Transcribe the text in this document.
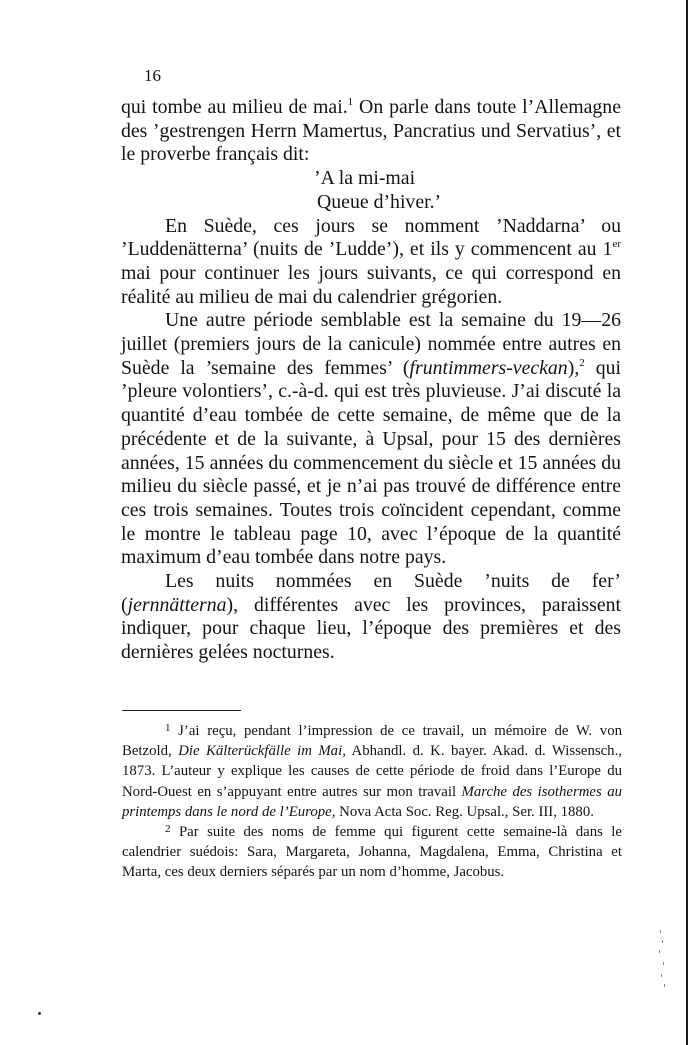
16

qui tombe au milieu de mai.$^1$ On parle dans toute l’Allemagne des ’gestrengen Herrn Mamertus, Pancratius und Servatius’, et le proverbe français dit:

’A la mi-mai
Queue d’hiver.’

En Suède, ces jours se nomment ’Naddarna’ ou ’Luddenätterna’ (nuits de ’Ludde’), et ils y commencent au 1er mai pour continuer les jours suivants, ce qui correspond en réalité au milieu de mai du calendrier grégorien.

Une autre période semblable est la semaine du 19—26 juillet (premiers jours de la canicule) nommée entre autres en Suède la ’semaine des femmes’ (fruntimmers-veckan),$^2$ qui ’pleure volontiers’, c.-à-d. qui est très pluvieuse. J’ai discuté la quantité d’eau tombée de cette semaine, de même que de la précédente et de la suivante, à Upsal, pour 15 des dernières années, 15 années du commencement du siècle et 15 années du milieu du siècle passé, et je n’ai pas trouvé de différence entre ces trois semaines. Toutes trois coïncident cependant, comme le montre le tableau page 10, avec l’époque de la quantité maximum d’eau tombée dans notre pays.

Les nuits nommées en Suède ’nuits de fer’ (jernnätterna), différentes avec les provinces, paraissent indiquer, pour chaque lieu, l’époque des premières et des dernières gelées nocturnes.

$^1$ J’ai reçu, pendant l’impression de ce travail, un mémoire de W. von Betzold, Die Kälterückfälle im Mai, Abhandl. d. K. bayer. Akad. d. Wissensch., 1873. L’auteur y explique les causes de cette période de froid dans l’Europe du Nord-Ouest en s’appuyant entre autres sur mon travail Marche des isothermes au printemps dans le nord de l’Europe, Nova Acta Soc. Reg. Upsal., Ser. III, 1880.

$^2$ Par suite des noms de femme qui figurent cette semaine-là dans le calendrier suédois: Sara, Margareta, Johanna, Magdalena, Emma, Christina et Marta, ces deux derniers séparés par un nom d’homme, Jacobus.
